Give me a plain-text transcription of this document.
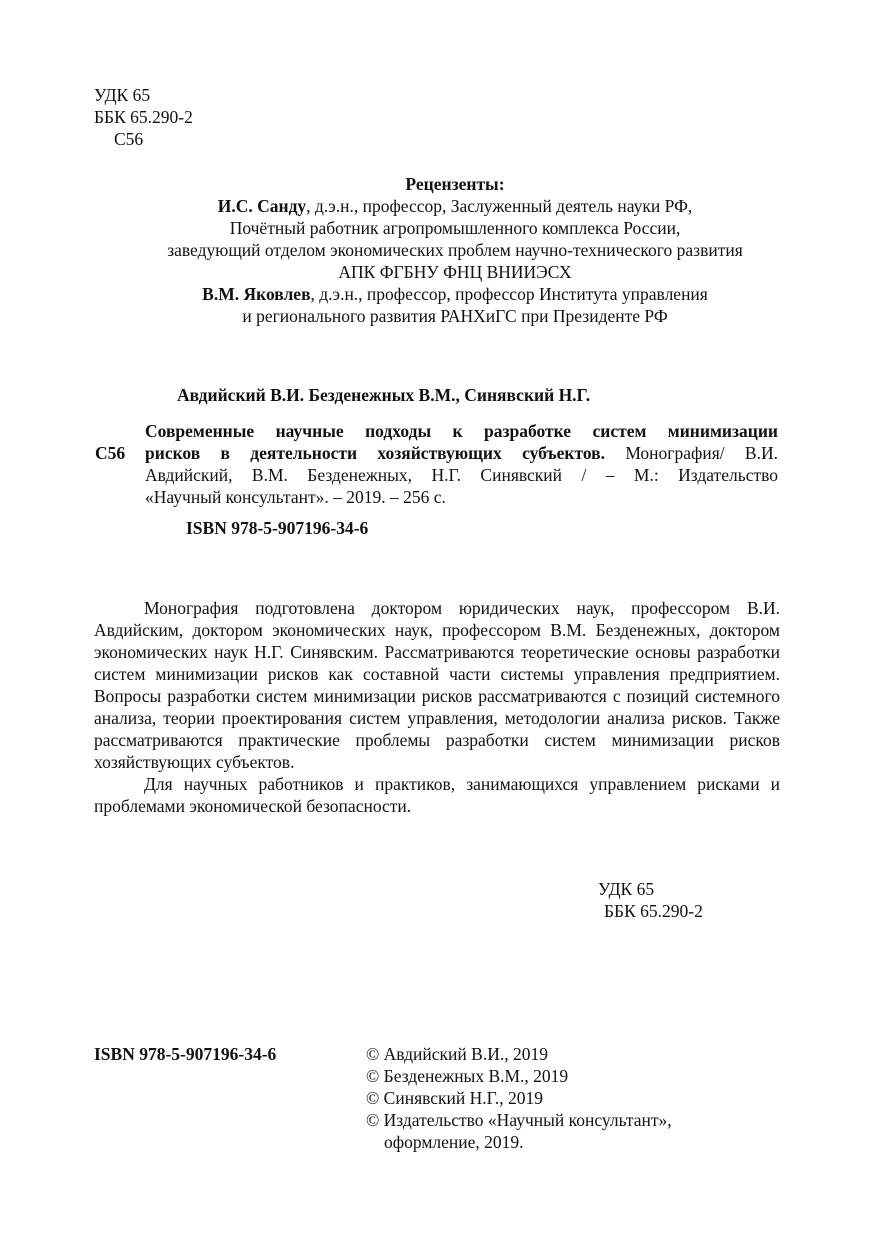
УДК 65
ББК 65.290-2
С56
Рецензенты:
И.С. Санду, д.э.н., профессор, Заслуженный деятель науки РФ,
Почётный работник агропромышленного комплекса России,
заведующий отделом экономических проблем научно-технического развития
АПК ФГБНУ ФНЦ ВНИИЭСХ
В.М. Яковлев, д.э.н., профессор, профессор Института управления
и регионального развития РАНХиГС при Президенте РФ
Авдийский В.И. Безденежных В.М., Синявский Н.Г.
С56
Современные научные подходы к разработке систем минимизации
рисков в деятельности хозяйствующих субъектов. Монография/ В.И.
Авдийский, В.М. Безденежных, Н.Г. Синявский / – М.: Издательство
«Научный консультант». – 2019. – 256 с.
ISBN 978-5-907196-34-6

Монография подготовлена доктором юридических наук, профессором В.И. Авдийским, доктором экономических наук, профессором В.М. Безденежных, доктором экономических наук Н.Г. Синявским. Рассматриваются теоретические основы разработки систем минимизации рисков как составной части системы управления предприятием. Вопросы разработки систем минимизации рисков рассматриваются с позиций системного анализа, теории проектирования систем управления, методологии анализа рисков. Также рассматриваются практические проблемы разработки систем минимизации рисков хозяйствующих субъектов.

Для научных работников и практиков, занимающихся управлением рисками и проблемами экономической безопасности.

УДК 65
ББК 65.290-2
ISBN 978-5-907196-34-6	© Авдийский В.И., 2019
© Безденежных В.М., 2019
© Синявский Н.Г., 2019
© Издательство «Научный консультант»,
оформление, 2019.
